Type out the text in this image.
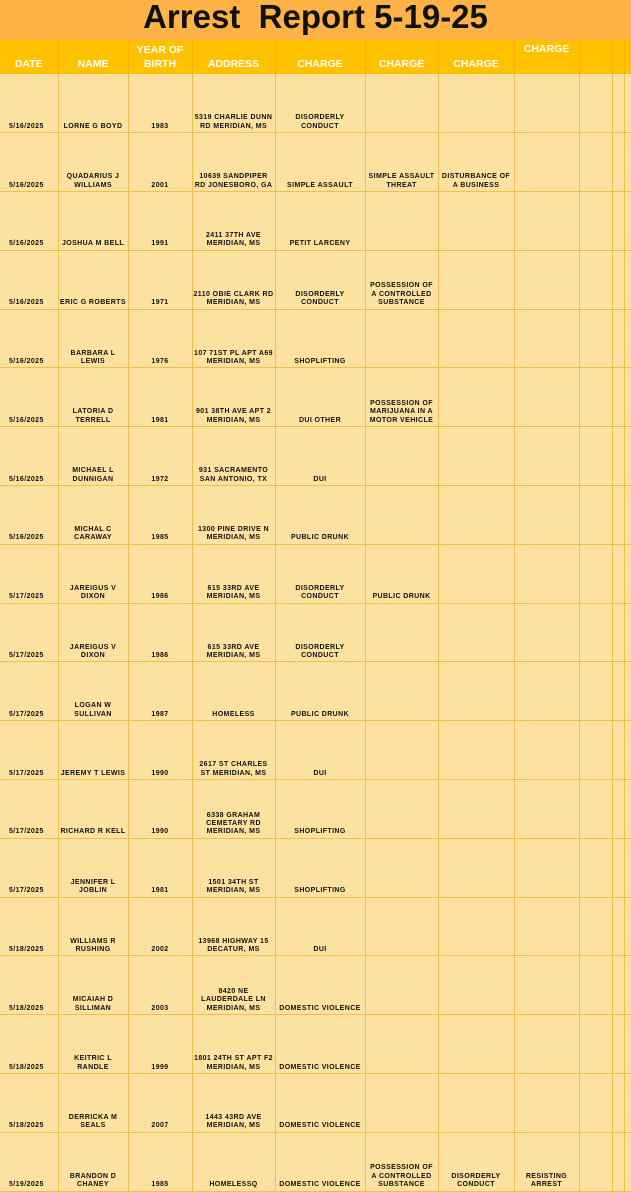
Arrest  Report 5-19-25
DATE	NAME	YEAR OF BIRTH	ADDRESS	CHARGE	CHARGE	CHARGE	CHARGE			
5/16/2025	LORNE G BOYD	1983	5319 CHARLIE DUNN RD MERIDIAN, MS	DISORDERLY CONDUCT						
5/16/2025	QUADARIUS J WILLIAMS	2001	10639 SANDPIPER RD JONESBORO, GA	SIMPLE ASSAULT	SIMPLE ASSAULT THREAT	DISTURBANCE OF A BUSINESS				
5/16/2025	JOSHUA M BELL	1991	2411 37TH AVE MERIDIAN, MS	PETIT LARCENY						
5/16/2025	ERIC G ROBERTS	1971	2110 OBIE CLARK RD MERIDIAN, MS	DISORDERLY CONDUCT	POSSESSION OF A CONTROLLED SUBSTANCE					
5/16/2025	BARBARA L LEWIS	1976	107 71ST PL APT A69 MERIDIAN, MS	SHOPLIFTING						
5/16/2025	LATORIA D TERRELL	1981	901 38TH AVE APT 2 MERIDIAN, MS	DUI OTHER	POSSESSION OF MARIJUANA IN A MOTOR VEHICLE					
5/16/2025	MICHAEL L DUNNIGAN	1972	931 SACRAMENTO SAN ANTONIO, TX	DUI						
5/16/2025	MICHAL C CARAWAY	1985	1300 PINE DRIVE N MERIDIAN, MS	PUBLIC DRUNK						
5/17/2025	JAREIGUS V DIXON	1986	615 33RD AVE MERIDIAN, MS	DISORDERLY CONDUCT	PUBLIC DRUNK					
5/17/2025	JAREIGUS V DIXON	1986	615 33RD AVE MERIDIAN, MS	DISORDERLY CONDUCT						
5/17/2025	LOGAN W SULLIVAN	1987	HOMELESS	PUBLIC DRUNK						
5/17/2025	JEREMY T LEWIS	1990	2617 ST CHARLES ST MERIDIAN, MS	DUI						
5/17/2025	RICHARD R KELL	1990	6338 GRAHAM CEMETARY RD MERIDIAN, MS	SHOPLIFTING						
5/17/2025	JENNIFER L JOBLIN	1981	1501 34TH ST MERIDIAN, MS	SHOPLIFTING						
5/18/2025	WILLIAMS R RUSHING	2002	13968 HIGHWAY 15 DECATUR, MS	DUI						
5/18/2025	MICAIAH D SILLIMAN	2003	8420 NE LAUDERDALE LN MERIDIAN, MS	DOMESTIC VIOLENCE						
5/18/2025	KEITRIC L RANDLE	1999	1801 24TH ST APT F2 MERIDIAN, MS	DOMESTIC VIOLENCE						
5/18/2025	DERRICKA M SEALS	2007	1443 43RD AVE MERIDIAN, MS	DOMESTIC VIOLENCE						
5/19/2025	BRANDON D CHANEY	1985	HOMELESSQ	DOMESTIC VIOLENCE	POSSESSION OF A CONTROLLED SUBSTANCE	DISORDERLY CONDUCT	RESISTING ARREST			
